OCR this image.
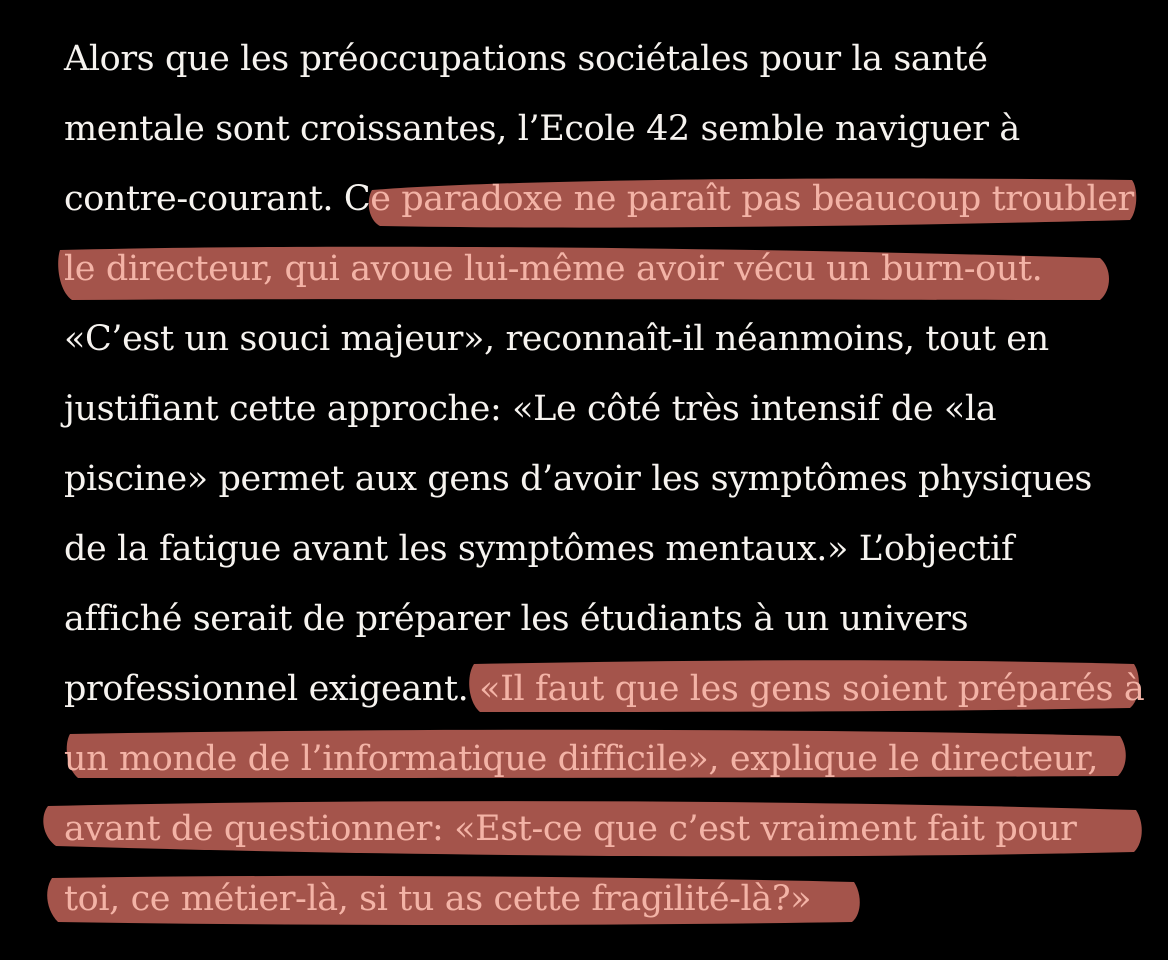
Alors que les préoccupations sociétales pour la santé
mentale sont croissantes, l’Ecole 42 semble naviguer à
contre-courant. Ce paradoxe ne paraît pas beaucoup troubler
le directeur, qui avoue lui-même avoir vécu un burn-out.
«C’est un souci majeur», reconnaît-il néanmoins, tout en
justifiant cette approche: «Le côté très intensif de «la
piscine» permet aux gens d’avoir les symptômes physiques
de la fatigue avant les symptômes mentaux.» L’objectif
affiché serait de préparer les étudiants à un univers
professionnel exigeant. «Il faut que les gens soient préparés à
un monde de l’informatique difficile», explique le directeur,
avant de questionner: «Est-ce que c’est vraiment fait pour
toi, ce métier-là, si tu as cette fragilité-là?»
